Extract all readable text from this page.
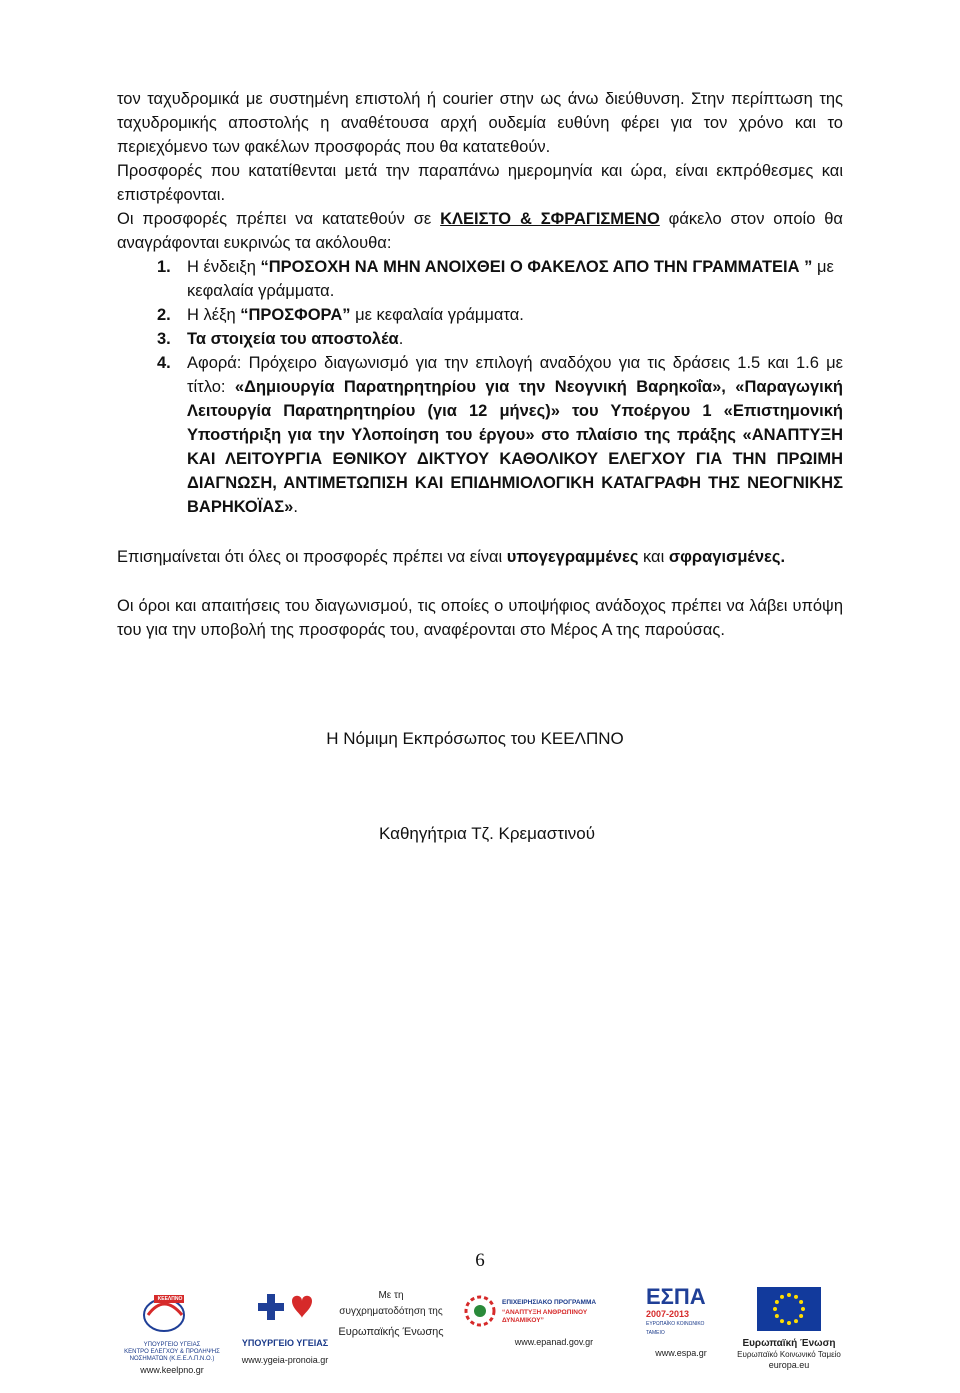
τον ταχυδρομικά με συστημένη επιστολή ή courier στην ως άνω διεύθυνση. Στην περίπτωση της ταχυδρομικής αποστολής η αναθέτουσα αρχή ουδεμία ευθύνη φέρει για τον χρόνο και το περιεχόμενο των φακέλων προσφοράς που θα κατατεθούν.

Προσφορές που κατατίθενται μετά την παραπάνω ημερομηνία και ώρα, είναι εκπρόθεσμες και επιστρέφονται.

Οι προσφορές πρέπει να κατατεθούν σε ΚΛΕΙΣΤΟ & ΣΦΡΑΓΙΣΜΕΝΟ φάκελο στον οποίο θα αναγράφονται ευκρινώς τα ακόλουθα:

1. Η ένδειξη “ΠΡΟΣΟΧΗ ΝΑ ΜΗΝ ΑΝΟΙΧΘΕΙ Ο ΦΑΚΕΛΟΣ ΑΠΟ ΤΗΝ ΓΡΑΜΜΑΤΕΙΑ ” με κεφαλαία γράμματα.
2. Η λέξη “ΠΡΟΣΦΟΡΑ” με κεφαλαία γράμματα.
3. Τα στοιχεία του αποστολέα.
4. Αφορά: Πρόχειρο διαγωνισμό για την επιλογή αναδόχου για τις δράσεις 1.5 και 1.6 με τίτλο: «Δημιουργία Παρατηρητηρίου για την Νεογνική Βαρηκοΐα», «Παραγωγική Λειτουργία Παρατηρητηρίου (για 12 μήνες)» του Υποέργου 1 «Επιστημονική Υποστήριξη για την Υλοποίηση του έργου» στο πλαίσιο της πράξης «ΑΝΑΠΤΥΞΗ ΚΑΙ ΛΕΙΤΟΥΡΓΙΑ ΕΘΝΙΚΟΥ ΔΙΚΤΥΟΥ ΚΑΘΟΛΙΚΟΥ ΕΛΕΓΧΟΥ ΓΙΑ ΤΗΝ ΠΡΩΙΜΗ ΔΙΑΓΝΩΣΗ, ΑΝΤΙΜΕΤΩΠΙΣΗ ΚΑΙ ΕΠΙΔΗΜΙΟΛΟΓΙΚΗ ΚΑΤΑΓΡΑΦΗ ΤΗΣ ΝΕΟΓΝΙΚΗΣ ΒΑΡΗΚΟΪΑΣ».

Επισημαίνεται ότι όλες οι προσφορές πρέπει να είναι υπογεγραμμένες και σφραγισμένες.

Οι όροι και απαιτήσεις του διαγωνισμού, τις οποίες ο υποψήφιος ανάδοχος πρέπει να λάβει υπόψη του για την υποβολή της προσφοράς του, αναφέρονται στο Μέρος Α της παρούσας.

Η Νόμιμη Εκπρόσωπος του ΚΕΕΛΠΝΟ
Καθηγήτρια Τζ. Κρεμαστινού
6
ΚΕΕΛΠΝΟ
ΥΠΟΥΡΓΕΙΟ ΥΓΕΙΑΣ
ΚΕΝΤΡΟ ΕΛΕΓΧΟΥ & ΠΡΟΛΗΨΗΣ ΝΟΣΗΜΑΤΩΝ (Κ.Ε.Ε.Λ.Π.Ν.Ο.)
www.keelpno.gr
ΥΠΟΥΡΓΕΙΟ ΥΓΕΙΑΣ
www.ygeia-pronoia.gr
Με τη
συγχρηματοδότηση της
Ευρωπαϊκής Ένωσης
ΕΠΙΧΕΙΡΗΣΙΑΚΟ ΠΡΟΓΡΑΜΜΑ
“ΑΝΑΠΤΥΞΗ ΑΝΘΡΩΠΙΝΟΥ ΔΥΝΑΜΙΚΟΥ”
www.epanad.gov.gr
ΕΣΠΑ
2007-2013
ΕΥΡΩΠΑΪΚΟ ΚΟΙΝΩΝΙΚΟ ΤΑΜΕΙΟ
www.espa.gr
Ευρωπαϊκή Ένωση
Ευρωπαϊκό Κοινωνικό Ταμείο
europa.eu
